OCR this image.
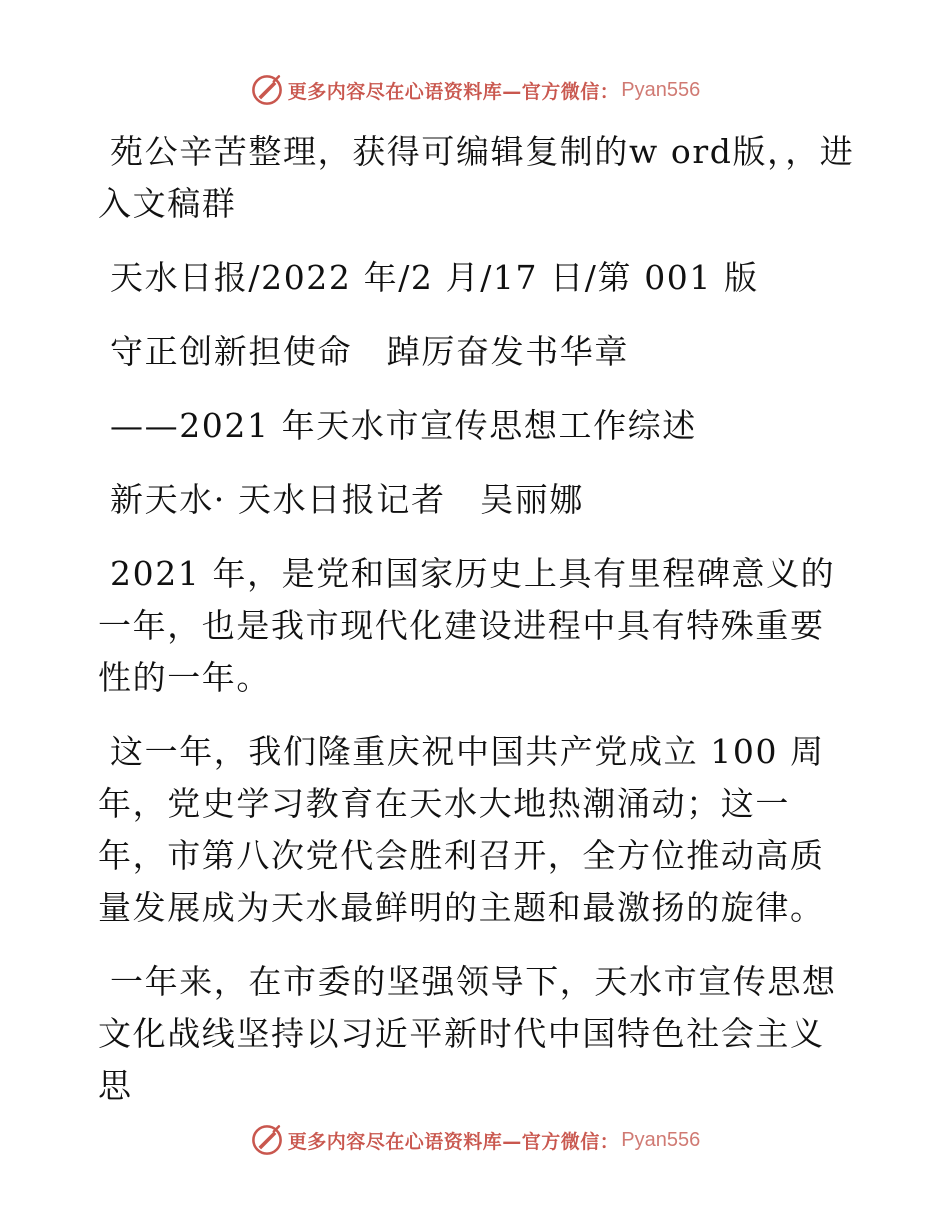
更多内容尽在心语资料库—官方微信： Pyan556

苑公辛苦整理，获得可编辑复制的w ord版，，进入文稿群

天水日报/2022 年/2 月/17 日/第 001 版

守正创新担使命　踔厉奋发书华章

——2021 年天水市宣传思想工作综述

新天水· 天水日报记者　吴丽娜

2021 年，是党和国家历史上具有里程碑意义的一年，也是我市现代化建设进程中具有特殊重要性的一年。

这一年，我们隆重庆祝中国共产党成立 100 周年，党史学习教育在天水大地热潮涌动；这一年，市第八次党代会胜利召开，全方位推动高质量发展成为天水最鲜明的主题和最激扬的旋律。

一年来，在市委的坚强领导下，天水市宣传思想文化战线坚持以习近平新时代中国特色社会主义思

更多内容尽在心语资料库—官方微信： Pyan556
